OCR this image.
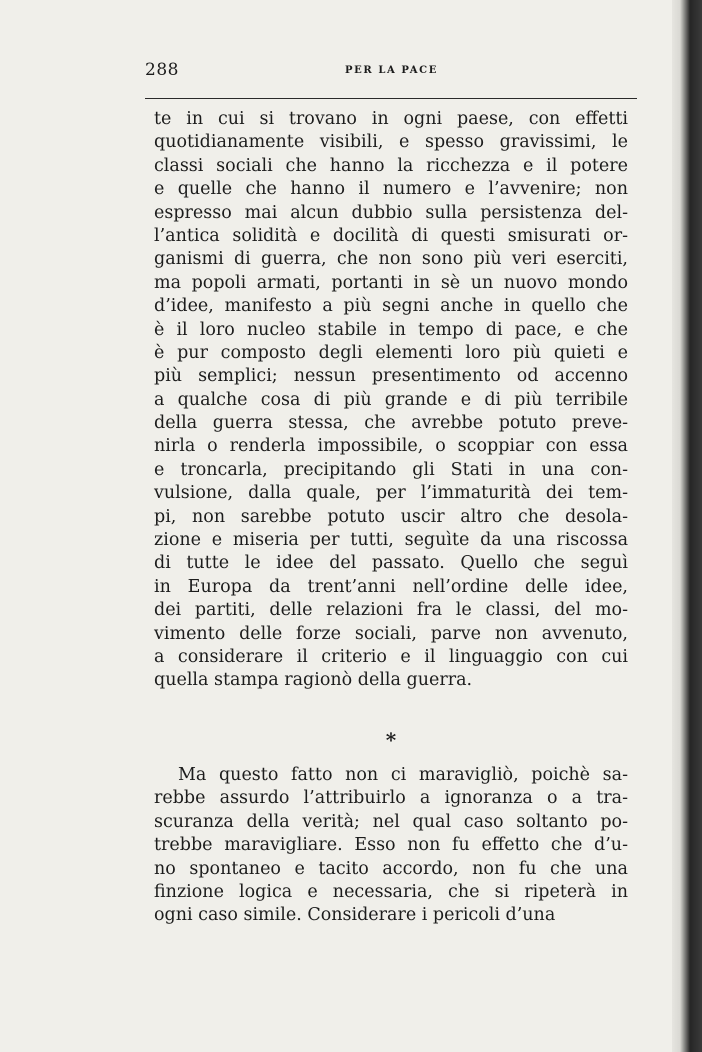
288	PER LA PACE
te in cui si trovano in ogni paese, con effetti
quotidianamente visibili, e spesso gravissimi, le
classi sociali che hanno la ricchezza e il potere
e quelle che hanno il numero e l’avvenire; non
espresso mai alcun dubbio sulla persistenza del-
l’antica solidità e docilità di questi smisurati or-
ganismi di guerra, che non sono più veri eserciti,
ma popoli armati, portanti in sè un nuovo mondo
d’idee, manifesto a più segni anche in quello che
è il loro nucleo stabile in tempo di pace, e che
è pur composto degli elementi loro più quieti e
più semplici; nessun presentimento od accenno
a qualche cosa di più grande e di più terribile
della guerra stessa, che avrebbe potuto preve-
nirla o renderla impossibile, o scoppiar con essa
e troncarla, precipitando gli Stati in una con-
vulsione, dalla quale, per l’immaturità dei tem-
pi, non sarebbe potuto uscir altro che desola-
zione e miseria per tutti, seguìte da una riscossa
di tutte le idee del passato. Quello che seguì
in Europa da trent’anni nell’ordine delle idee,
dei partiti, delle relazioni fra le classi, del mo-
vimento delle forze sociali, parve non avvenuto,
a considerare il criterio e il linguaggio con cui
quella stampa ragionò della guerra.
*
Ma questo fatto non ci maravigliò, poichè sa-
rebbe assurdo l’attribuirlo a ignoranza o a tra-
scuranza della verità; nel qual caso soltanto po-
trebbe maravigliare. Esso non fu effetto che d’u-
no spontaneo e tacito accordo, non fu che una
finzione logica e necessaria, che si ripeterà in
ogni caso simile. Considerare i pericoli d’una
